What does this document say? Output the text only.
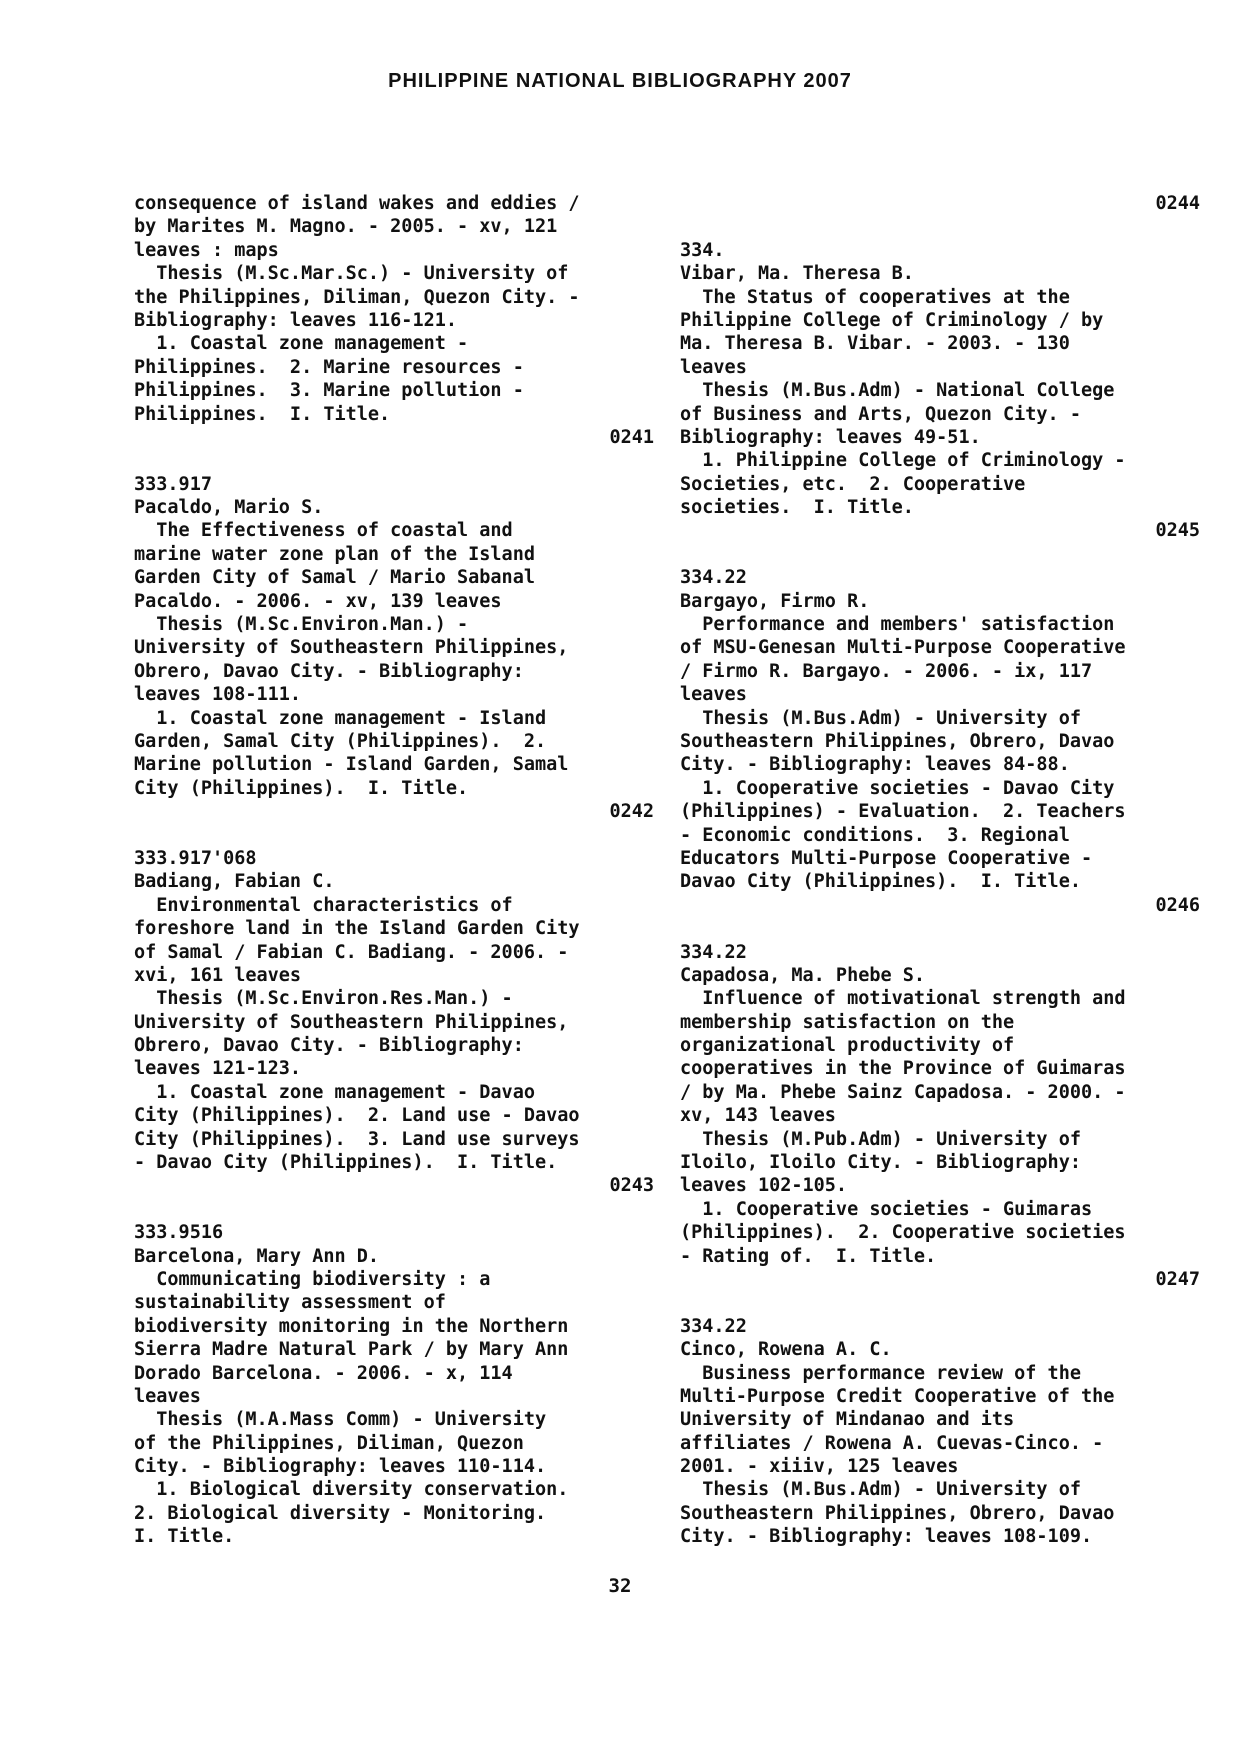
PHILIPPINE NATIONAL BIBLIOGRAPHY 2007
consequence of island wakes and eddies /
by Marites M. Magno. - 2005. - xv, 121
leaves : maps
Thesis (M.Sc.Mar.Sc.) - University of
the Philippines, Diliman, Quezon City. -
Bibliography: leaves 116-121.
1. Coastal zone management -
Philippines.  2. Marine resources -
Philippines.  3. Marine pollution -
Philippines.  I. Title.
0241
333.917
Pacaldo, Mario S.
The Effectiveness of coastal and
marine water zone plan of the Island
Garden City of Samal / Mario Sabanal
Pacaldo. - 2006. - xv, 139 leaves
Thesis (M.Sc.Environ.Man.) -
University of Southeastern Philippines,
Obrero, Davao City. - Bibliography:
leaves 108-111.
1. Coastal zone management - Island
Garden, Samal City (Philippines).  2.
Marine pollution - Island Garden, Samal
City (Philippines).  I. Title.
0242
333.917'068
Badiang, Fabian C.
Environmental characteristics of
foreshore land in the Island Garden City
of Samal / Fabian C. Badiang. - 2006. -
xvi, 161 leaves
Thesis (M.Sc.Environ.Res.Man.) -
University of Southeastern Philippines,
Obrero, Davao City. - Bibliography:
leaves 121-123.
1. Coastal zone management - Davao
City (Philippines).  2. Land use - Davao
City (Philippines).  3. Land use surveys
- Davao City (Philippines).  I. Title.
0243
333.9516
Barcelona, Mary Ann D.
Communicating biodiversity : a
sustainability assessment of
biodiversity monitoring in the Northern
Sierra Madre Natural Park / by Mary Ann
Dorado Barcelona. - 2006. - x, 114
leaves
Thesis (M.A.Mass Comm) - University
of the Philippines, Diliman, Quezon
City. - Bibliography: leaves 110-114.
1. Biological diversity conservation.
2. Biological diversity - Monitoring.
I. Title.
0244
334.
Vibar, Ma. Theresa B.
The Status of cooperatives at the
Philippine College of Criminology / by
Ma. Theresa B. Vibar. - 2003. - 130
leaves
Thesis (M.Bus.Adm) - National College
of Business and Arts, Quezon City. -
Bibliography: leaves 49-51.
1. Philippine College of Criminology -
Societies, etc.  2. Cooperative
societies.  I. Title.
0245
334.22
Bargayo, Firmo R.
Performance and members' satisfaction
of MSU-Genesan Multi-Purpose Cooperative
/ Firmo R. Bargayo. - 2006. - ix, 117
leaves
Thesis (M.Bus.Adm) - University of
Southeastern Philippines, Obrero, Davao
City. - Bibliography: leaves 84-88.
1. Cooperative societies - Davao City
(Philippines) - Evaluation.  2. Teachers
- Economic conditions.  3. Regional
Educators Multi-Purpose Cooperative -
Davao City (Philippines).  I. Title.
0246
334.22
Capadosa, Ma. Phebe S.
Influence of motivational strength and
membership satisfaction on the
organizational productivity of
cooperatives in the Province of Guimaras
/ by Ma. Phebe Sainz Capadosa. - 2000. -
xv, 143 leaves
Thesis (M.Pub.Adm) - University of
Iloilo, Iloilo City. - Bibliography:
leaves 102-105.
1. Cooperative societies - Guimaras
(Philippines).  2. Cooperative societies
- Rating of.  I. Title.
0247
334.22
Cinco, Rowena A. C.
Business performance review of the
Multi-Purpose Credit Cooperative of the
University of Mindanao and its
affiliates / Rowena A. Cuevas-Cinco. -
2001. - xiiiv, 125 leaves
Thesis (M.Bus.Adm) - University of
Southeastern Philippines, Obrero, Davao
City. - Bibliography: leaves 108-109.
32
